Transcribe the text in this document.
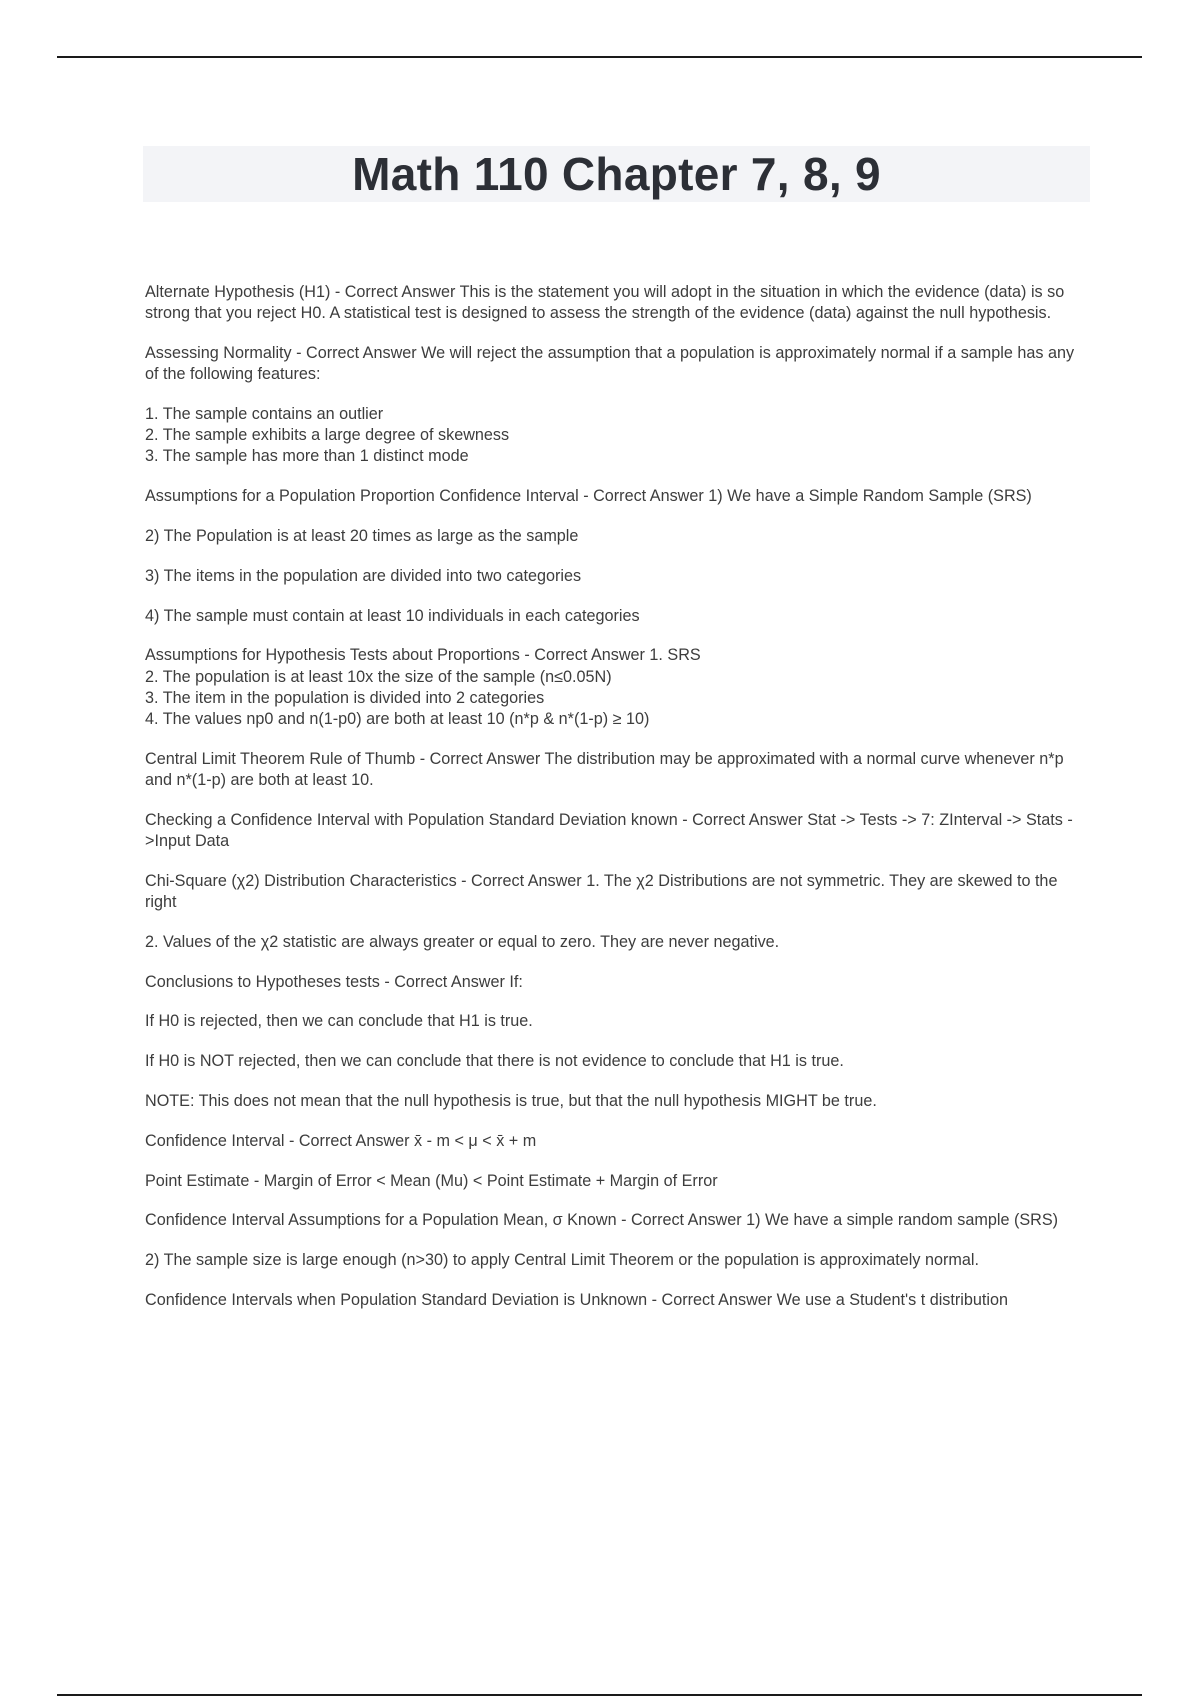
Math 110 Chapter 7, 8, 9

Alternate Hypothesis (H1) - Correct Answer This is the statement you will adopt in the situation in which the evidence (data) is so strong that you reject H0. A statistical test is designed to assess the strength of the evidence (data) against the null hypothesis.

Assessing Normality - Correct Answer We will reject the assumption that a population is approximately normal if a sample has any of the following features:

1. The sample contains an outlier
2. The sample exhibits a large degree of skewness
3. The sample has more than 1 distinct mode

Assumptions for a Population Proportion Confidence Interval - Correct Answer 1) We have a Simple Random Sample (SRS)

2) The Population is at least 20 times as large as the sample

3) The items in the population are divided into two categories

4) The sample must contain at least 10 individuals in each categories

Assumptions for Hypothesis Tests about Proportions - Correct Answer 1. SRS
2. The population is at least 10x the size of the sample (n≤0.05N)
3. The item in the population is divided into 2 categories
4. The values np0 and n(1-p0) are both at least 10 (n*p & n*(1-p) ≥ 10)

Central Limit Theorem Rule of Thumb - Correct Answer The distribution may be approximated with a normal curve whenever n*p and n*(1-p) are both at least 10.

Checking a Confidence Interval with Population Standard Deviation known - Correct Answer Stat -> Tests -> 7: ZInterval -> Stats ->Input Data

Chi-Square (χ2) Distribution Characteristics - Correct Answer 1. The χ2 Distributions are not symmetric. They are skewed to the right

2. Values of the χ2 statistic are always greater or equal to zero. They are never negative.

Conclusions to Hypotheses tests - Correct Answer If:

If H0 is rejected, then we can conclude that H1 is true.

If H0 is NOT rejected, then we can conclude that there is not evidence to conclude that H1 is true.

NOTE: This does not mean that the null hypothesis is true, but that the null hypothesis MIGHT be true.

Confidence Interval - Correct Answer x̄ - m < μ < x̄ + m

Point Estimate - Margin of Error < Mean (Mu) < Point Estimate + Margin of Error

Confidence Interval Assumptions for a Population Mean, σ Known - Correct Answer 1) We have a simple random sample (SRS)

2) The sample size is large enough (n>30) to apply Central Limit Theorem or the population is approximately normal.

Confidence Intervals when Population Standard Deviation is Unknown - Correct Answer We use a Student's t distribution
